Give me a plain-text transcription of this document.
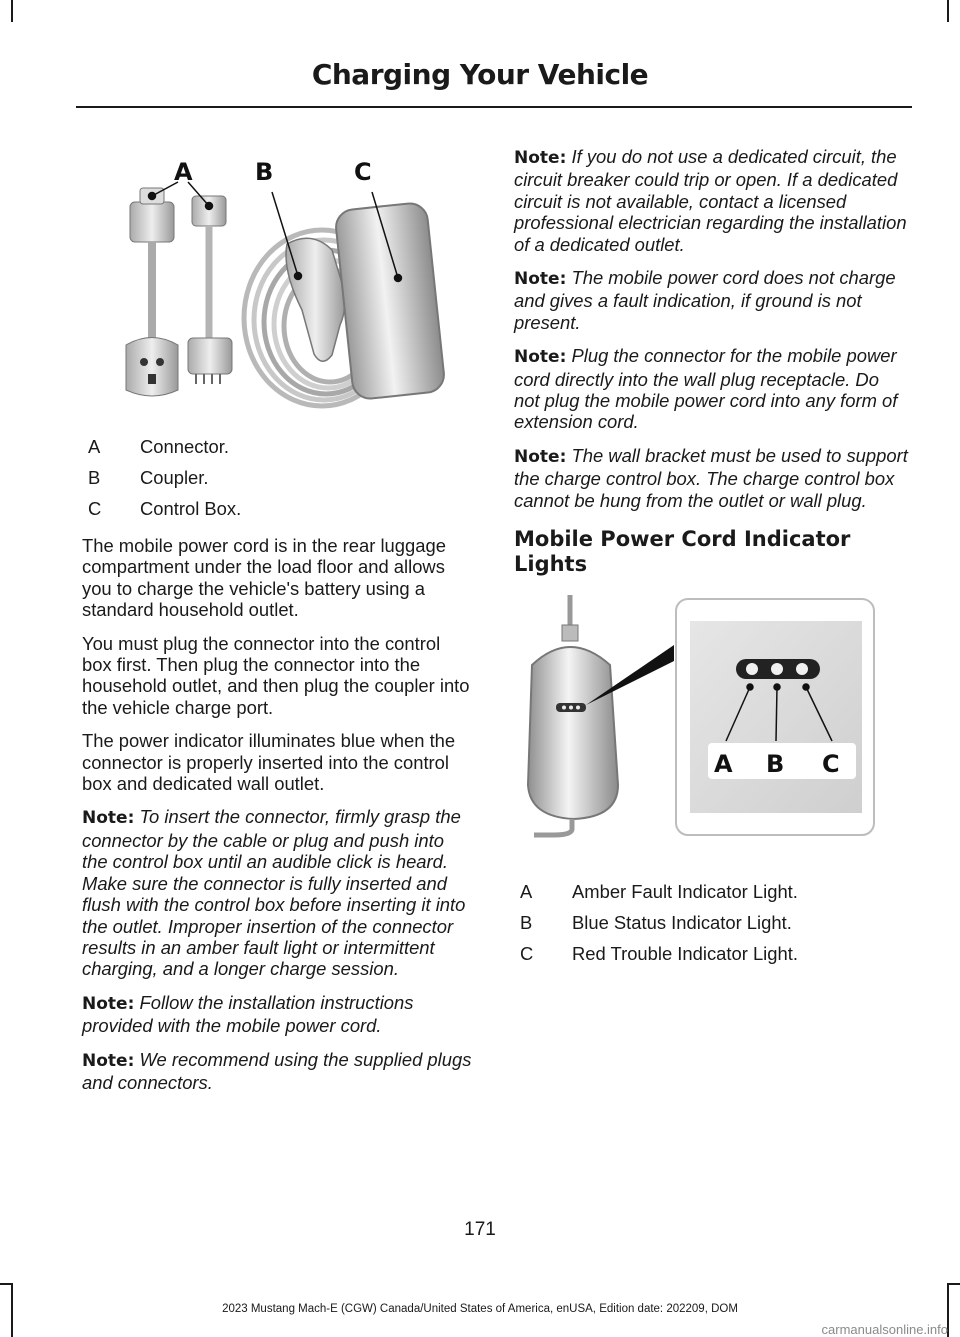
Charging Your Vehicle
A	B	C
A	Connector.
B	Coupler.
C	Control Box.

The mobile power cord is in the rear luggage compartment under the load floor and allows you to charge the vehicle's battery using a standard household outlet.

You must plug the connector into the control box first. Then plug the connector into the household outlet, and then plug the coupler into the vehicle charge port.

The power indicator illuminates blue when the connector is properly inserted into the control box and dedicated wall outlet.

Note: To insert the connector, firmly grasp the connector by the cable or plug and push into the control box until an audible click is heard. Make sure the connector is fully inserted and flush with the control box before inserting it into the outlet. Improper insertion of the connector results in an amber fault light or intermittent charging, and a longer charge session.

Note: Follow the installation instructions provided with the mobile power cord.

Note: We recommend using the supplied plugs and connectors.

Note: If you do not use a dedicated circuit, the circuit breaker could trip or open. If a dedicated circuit is not available, contact a licensed professional electrician regarding the installation of a dedicated outlet.

Note: The mobile power cord does not charge and gives a fault indication, if ground is not present.

Note: Plug the connector for the mobile power cord directly into the wall plug receptacle. Do not plug the mobile power cord into any form of extension cord.

Note: The wall bracket must be used to support the charge control box. The charge control box cannot be hung from the outlet or wall plug.

Mobile Power Cord Indicator Lights
A B C
A	Amber Fault Indicator Light.
B	Blue Status Indicator Light.
C	Red Trouble Indicator Light.
171
2023 Mustang Mach-E (CGW) Canada/United States of America, enUSA, Edition date: 202209, DOM
carmanualsonline.info
